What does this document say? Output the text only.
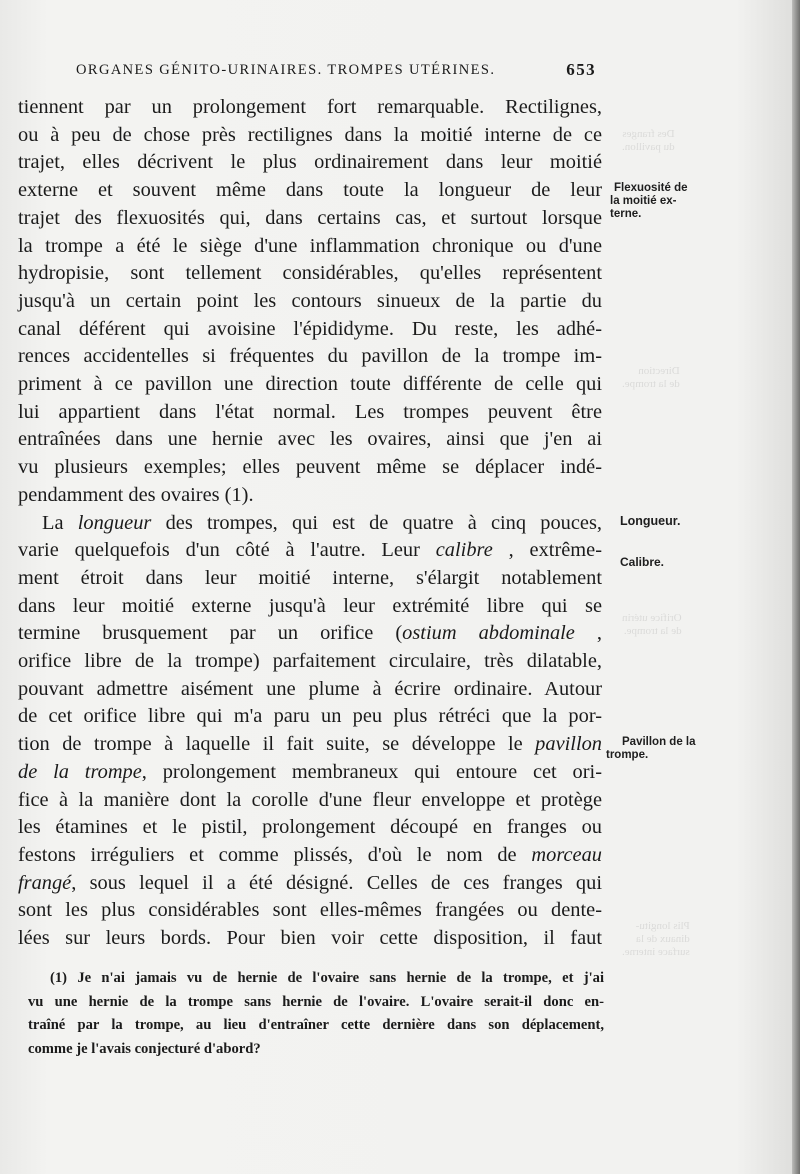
Des franges
du pavillon.
Direction
de la trompe.
Orifice utérin
de la trompe.
Plis longitu-
dinaux de la
surface interne.
ORGANES GÉNITO-URINAIRES. TROMPES UTÉRINES.	653
tiennent par un prolongement fort remarquable. Rectilignes,
ou à peu de chose près rectilignes dans la moitié interne de ce
trajet, elles décrivent le plus ordinairement dans leur moitié
externe et souvent même dans toute la longueur de leur
trajet des flexuosités qui, dans certains cas, et surtout lorsque
la trompe a été le siège d'une inflammation chronique ou d'une
hydropisie, sont tellement considérables, qu'elles représentent
jusqu'à un certain point les contours sinueux de la partie du
canal déférent qui avoisine l'épididyme. Du reste, les adhé-
rences accidentelles si fréquentes du pavillon de la trompe im-
priment à ce pavillon une direction toute différente de celle qui
lui appartient dans l'état normal. Les trompes peuvent être
entraînées dans une hernie avec les ovaires, ainsi que j'en ai
vu plusieurs exemples; elles peuvent même se déplacer indé-
pendamment des ovaires (1).
La longueur des trompes, qui est de quatre à cinq pouces,
varie quelquefois d'un côté à l'autre. Leur calibre , extrême-
ment étroit dans leur moitié interne, s'élargit notablement
dans leur moitié externe jusqu'à leur extrémité libre qui se
termine brusquement par un orifice (ostium abdominale ,
orifice libre de la trompe) parfaitement circulaire, très dilatable,
pouvant admettre aisément une plume à écrire ordinaire. Autour
de cet orifice libre qui m'a paru un peu plus rétréci que la por-
tion de trompe à laquelle il fait suite, se développe le pavillon
de la trompe, prolongement membraneux qui entoure cet ori-
fice à la manière dont la corolle d'une fleur enveloppe et protège
les étamines et le pistil, prolongement découpé en franges ou
festons irréguliers et comme plissés, d'où le nom de morceau
frangé, sous lequel il a été désigné. Celles de ces franges qui
sont les plus considérables sont elles-mêmes frangées ou dente-
lées sur leurs bords. Pour bien voir cette disposition, il faut
Flexuosité de
la moitié ex-
terne.
Longueur.
Calibre.
Pavillon de la
trompe.
(1) Je n'ai jamais vu de hernie de l'ovaire sans hernie de la trompe, et j'ai
vu une hernie de la trompe sans hernie de l'ovaire. L'ovaire serait-il donc en-
traîné par la trompe, au lieu d'entraîner cette dernière dans son déplacement,
comme je l'avais conjecturé d'abord?
